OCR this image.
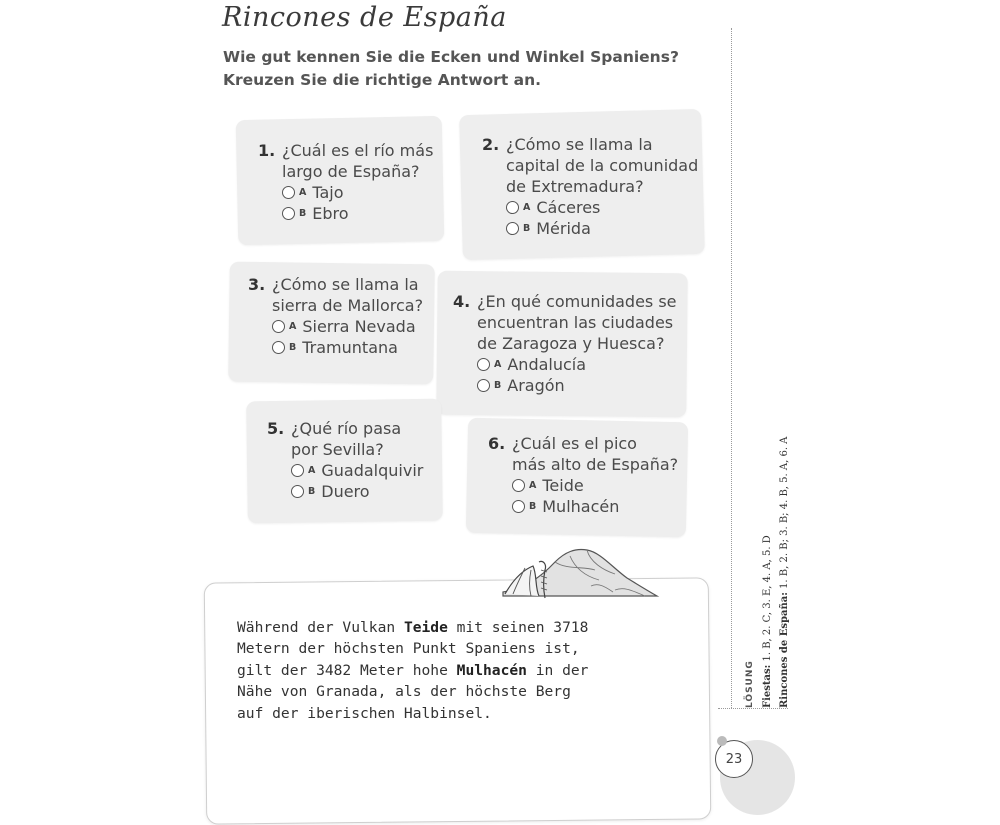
Rincones de España
Wie gut kennen Sie die Ecken und Winkel Spaniens?
Kreuzen Sie die richtige Antwort an.
1. ¿Cuál es el río más
largo de España?
A Tajo
B Ebro
2. ¿Cómo se llama la
capital de la comunidad
de Extremadura?
A Cáceres
B Mérida
3. ¿Cómo se llama la
sierra de Mallorca?
A Sierra Nevada
B Tramuntana
4. ¿En qué comunidades se
encuentran las ciudades
de Zaragoza y Huesca?
A Andalucía
B Aragón
5. ¿Qué río pasa
por Sevilla?
A Guadalquivir
B Duero
6. ¿Cuál es el pico
más alto de España?
A Teide
B Mulhacén
Während der Vulkan Teide mit seinen 3718
Metern der höchsten Punkt Spaniens ist,
gilt der 3482 Meter hohe Mulhacén in der
Nähe von Granada, als der höchste Berg
auf der iberischen Halbinsel.
LÖSUNG Fiestas: 1. B, 2. C, 3. E, 4. A, 5. D Rincones de España: 1. B, 2. B; 3. B; 4. B, 5. A, 6. A
23
